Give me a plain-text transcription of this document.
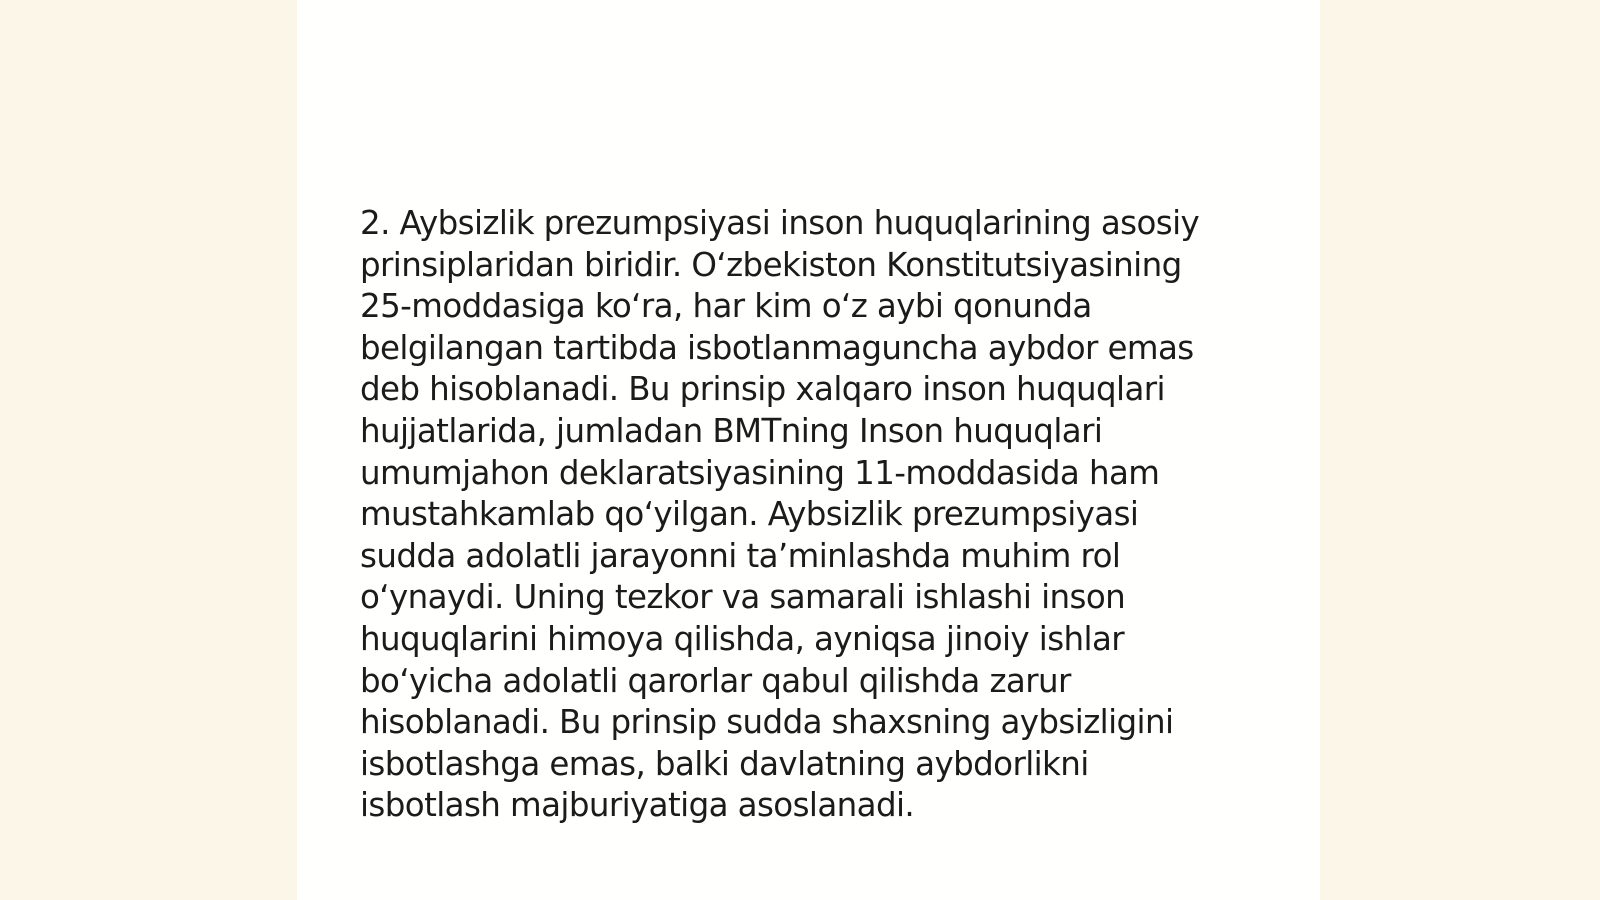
2. Aybsizlik prezumpsiyasi inson huquqlarining asosiy
prinsiplaridan biridir. O‘zbekiston Konstitutsiyasining
25-moddasiga ko‘ra, har kim o‘z aybi qonunda
belgilangan tartibda isbotlanmaguncha aybdor emas
deb hisoblanadi. Bu prinsip xalqaro inson huquqlari
hujjatlarida, jumladan BMTning Inson huquqlari
umumjahon deklaratsiyasining 11-moddasida ham
mustahkamlab qo‘yilgan. Aybsizlik prezumpsiyasi
sudda adolatli jarayonni ta’minlashda muhim rol
o‘ynaydi. Uning tezkor va samarali ishlashi inson
huquqlarini himoya qilishda, ayniqsa jinoiy ishlar
bo‘yicha adolatli qarorlar qabul qilishda zarur
hisoblanadi. Bu prinsip sudda shaxsning aybsizligini
isbotlashga emas, balki davlatning aybdorlikni
isbotlash majburiyatiga asoslanadi.
